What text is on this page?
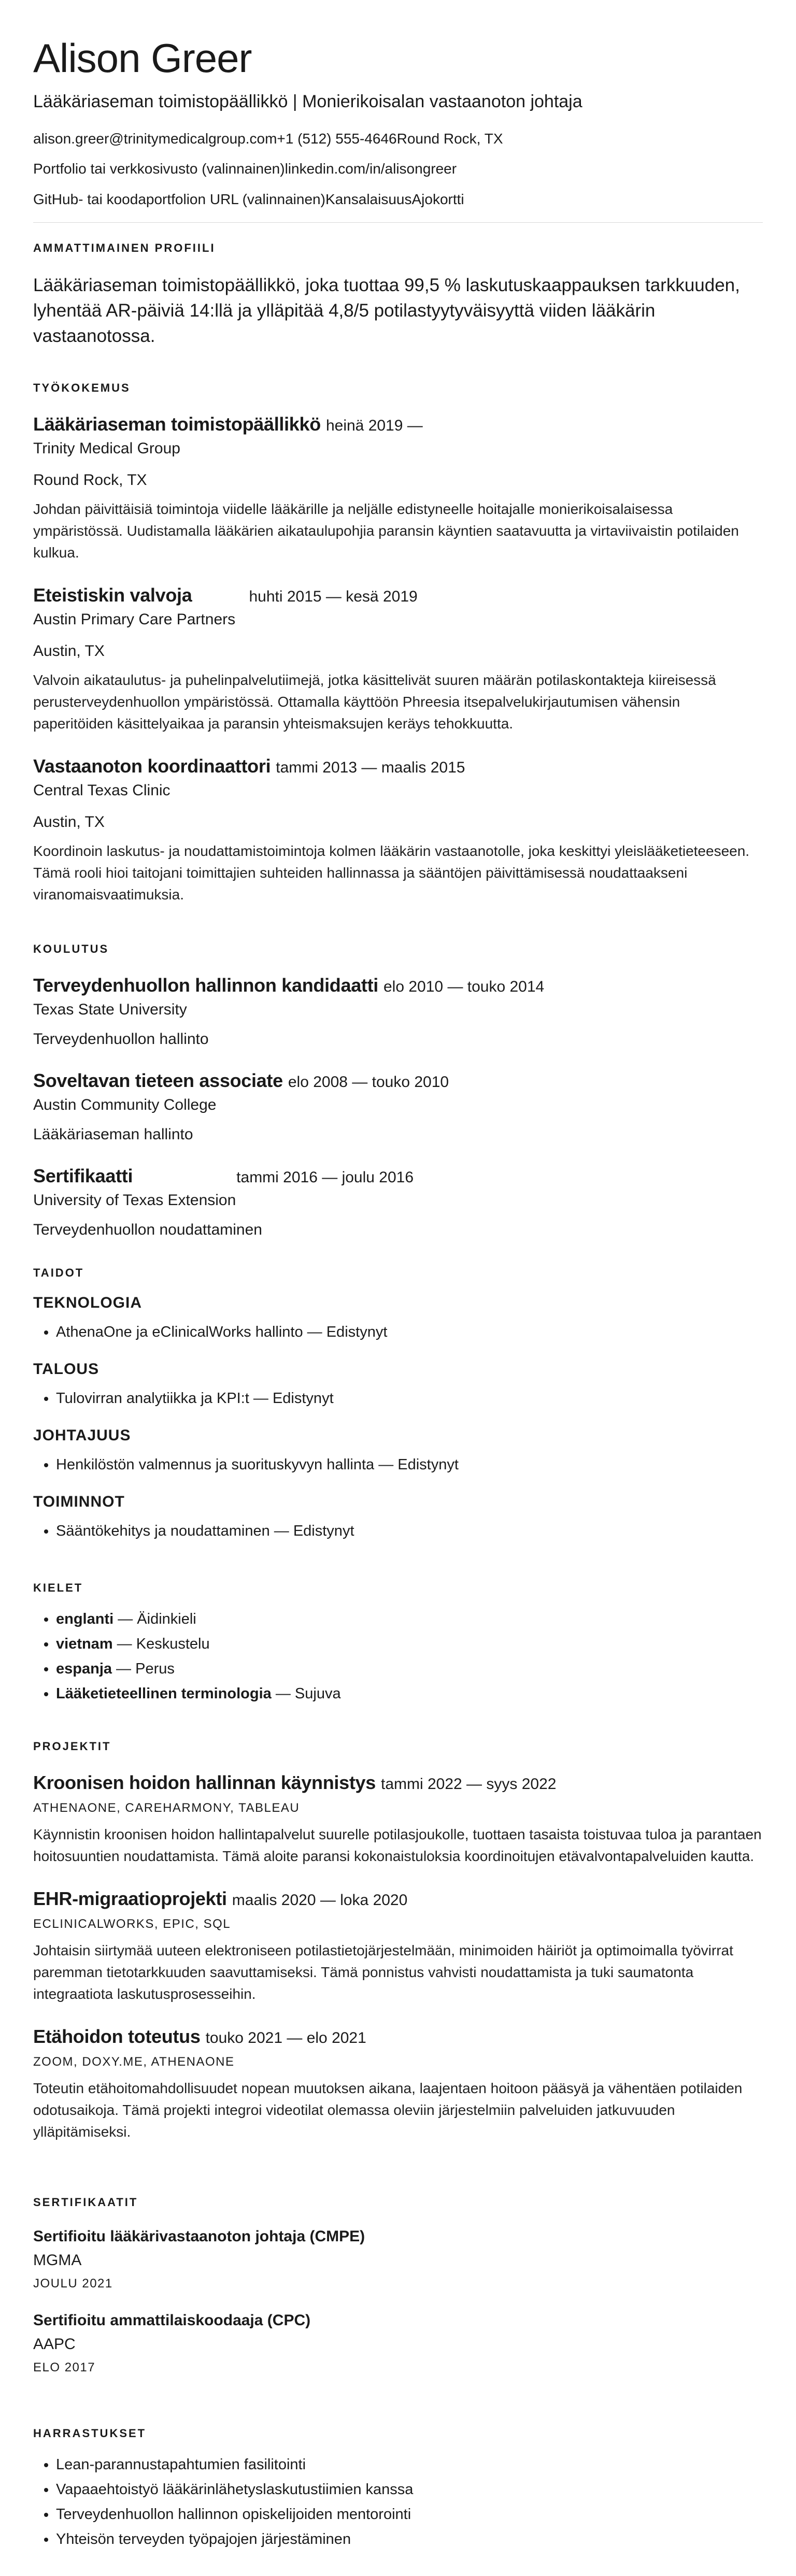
Alison Greer
Lääkäriaseman toimistopäällikkö | Monierikoisalan vastaanoton johtaja
alison.greer@trinitymedicalgroup.com+1 (512) 555-4646Round Rock, TX
Portfolio tai verkkosivusto (valinnainen)linkedin.com/in/alisongreer
GitHub- tai koodaportfolion URL (valinnainen)KansalaisuusAjokortti
AMMATTIMAINEN PROFIILI
Lääkäriaseman toimistopäällikkö, joka tuottaa 99,5 % laskutuskaappauksen tarkkuuden, lyhentää AR-päiviä 14:llä ja ylläpitää 4,8/5 potilastyytyväisyyttä viiden lääkärin vastaanotossa.
TYÖKOKEMUS
Lääkäriaseman toimistopäällikkö heinä 2019 —
Trinity Medical Group
Round Rock, TX
Johdan päivittäisiä toimintoja viidelle lääkärille ja neljälle edistyneelle hoitajalle monierikoisalaisessa ympäristössä. Uudistamalla lääkärien aikataulupohjia paransin käyntien saatavuutta ja virtaviivaistin potilaiden kulkua.
Eteistiskin valvoja	huhti 2015 — kesä 2019
Austin Primary Care Partners
Austin, TX
Valvoin aikataulutus- ja puhelinpalvelutiimejä, jotka käsittelivät suuren määrän potilaskontakteja kiireisessä perusterveydenhuollon ympäristössä. Ottamalla käyttöön Phreesia itsepalvelukirjautumisen vähensin paperitöiden käsittelyaikaa ja paransin yhteismaksujen keräys tehokkuutta.
Vastaanoton koordinaattori tammi 2013 — maalis 2015
Central Texas Clinic
Austin, TX
Koordinoin laskutus- ja noudattamistoimintoja kolmen lääkärin vastaanotolle, joka keskittyi yleislääketieteeseen. Tämä rooli hioi taitojani toimittajien suhteiden hallinnassa ja sääntöjen päivittämisessä noudattaakseni viranomaisvaatimuksia.
KOULUTUS
Terveydenhuollon hallinnon kandidaatti elo 2010 — touko 2014
Texas State University
Terveydenhuollon hallinto
Soveltavan tieteen associate elo 2008 — touko 2010
Austin Community College
Lääkäriaseman hallinto
Sertifikaatti	tammi 2016 — joulu 2016
University of Texas Extension
Terveydenhuollon noudattaminen
TAIDOT
TEKNOLOGIA
• AthenaOne ja eClinicalWorks hallinto — Edistynyt
TALOUS
• Tulovirran analytiikka ja KPI:t — Edistynyt
JOHTAJUUS
• Henkilöstön valmennus ja suorituskyvyn hallinta — Edistynyt
TOIMINNOT
• Sääntökehitys ja noudattaminen — Edistynyt
KIELET
• englanti — Äidinkieli
• vietnam — Keskustelu
• espanja — Perus
• Lääketieteellinen terminologia — Sujuva
PROJEKTIT
Kroonisen hoidon hallinnan käynnistys tammi 2022 — syys 2022
ATHENAONE, CAREHARMONY, TABLEAU
Käynnistin kroonisen hoidon hallintapalvelut suurelle potilasjoukolle, tuottaen tasaista toistuvaa tuloa ja parantaen hoitosuuntien noudattamista. Tämä aloite paransi kokonaistuloksia koordinoitujen etävalvontapalveluiden kautta.
EHR-migraatioprojekti maalis 2020 — loka 2020
ECLINICALWORKS, EPIC, SQL
Johtaisin siirtymää uuteen elektroniseen potilastietojärjestelmään, minimoiden häiriöt ja optimoimalla työvirrat paremman tietotarkkuuden saavuttamiseksi. Tämä ponnistus vahvisti noudattamista ja tuki saumatonta integraatiota laskutusprosesseihin.
Etähoidon toteutus touko 2021 — elo 2021
ZOOM, DOXY.ME, ATHENAONE
Toteutin etähoitomahdollisuudet nopean muutoksen aikana, laajentaen hoitoon pääsyä ja vähentäen potilaiden odotusaikoja. Tämä projekti integroi videotilat olemassa oleviin järjestelmiin palveluiden jatkuvuuden ylläpitämiseksi.
SERTIFIKAATIT
Sertifioitu lääkärivastaanoton johtaja (CMPE)
MGMA
JOULU 2021
Sertifioitu ammattilaiskoodaaja (CPC)
AAPC
ELO 2017
HARRASTUKSET
• Lean-parannustapahtumien fasilitointi
• Vapaaehtoistyö lääkärinlähetyslaskutustiimien kanssa
• Terveydenhuollon hallinnon opiskelijoiden mentorointi
• Yhteisön terveyden työpajojen järjestäminen
